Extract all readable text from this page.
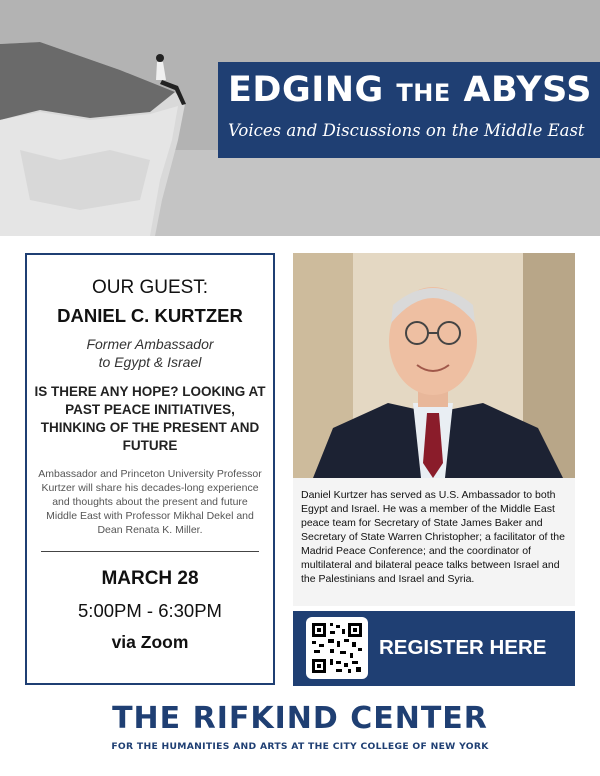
EDGING THE ABYSS
Voices and Discussions on the Middle East
OUR GUEST:
DANIEL C. KURTZER
Former Ambassador
to Egypt & Israel
IS THERE ANY HOPE? LOOKING AT PAST PEACE INITIATIVES, THINKING OF THE PRESENT AND FUTURE
Ambassador and Princeton University Professor Kurtzer will share his decades-long experience and thoughts about the present and future Middle East with Professor Mikhal Dekel and Dean Renata K. Miller.
MARCH 28
5:00PM - 6:30PM
via Zoom
Daniel Kurtzer has served as U.S. Ambassador to both Egypt and Israel. He was a member of the Middle East peace team for Secretary of State James Baker and Secretary of State Warren Christopher; a facilitator of the Madrid Peace Conference; and the coordinator of multilateral and bilateral peace talks between Israel and the Palestinians and Israel and Syria.
REGISTER HERE
THE RIFKIND CENTER
FOR THE HUMANITIES AND ARTS AT THE CITY COLLEGE OF NEW YORK
